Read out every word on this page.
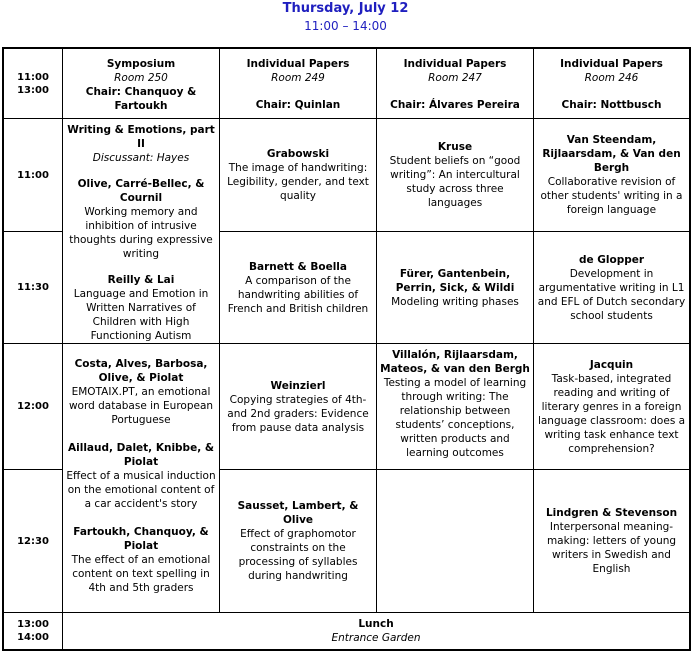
Thursday, July 12
11:00 – 14:00
11:00
13:00
11:00
11:30
12:00
12:30
13:00
14:00
Symposium
Room 250
Chair: Chanquoy & Fartoukh
Individual Papers
Room 249
Chair: Quinlan
Individual Papers
Room 247
Chair: Álvares Pereira
Individual Papers
Room 246
Chair: Nottbusch
Writing & Emotions, part II
Discussant: Hayes
Olive, Carré-Bellec, & Cournil
Working memory and inhibition of intrusive thoughts during expressive writing
Reilly & Lai
Language and Emotion in Written Narratives of Children with High Functioning Autism
Costa, Alves, Barbosa, Olive, & Piolat
EMOTAIX.PT, an emotional word database in European Portuguese
Aillaud, Dalet, Knibbe, & Piolat
Effect of a musical induction on the emotional content of a car accident's story
Fartoukh, Chanquoy, & Piolat
The effect of an emotional content on text spelling in 4th and 5th graders
Grabowski
The image of handwriting: Legibility, gender, and text quality
Barnett & Boella
A comparison of the handwriting abilities of French and British children
Weinzierl
Copying strategies of 4th- and 2nd graders: Evidence from pause data analysis
Sausset, Lambert, & Olive
Effect of graphomotor constraints on the processing of syllables during handwriting
Kruse
Student beliefs on “good writing”: An intercultural study across three languages
Fürer, Gantenbein, Perrin, Sick, & Wildi
Modeling writing phases
Villalón, Rijlaarsdam, Mateos, & van den Bergh
Testing a model of learning through writing: The relationship between students’ conceptions, written products and learning outcomes
Van Steendam, Rijlaarsdam, & Van den Bergh
Collaborative revision of other students' writing in a foreign language
de Glopper
Development in argumentative writing in L1 and EFL of Dutch secondary school students
Jacquin
Task-based, integrated reading and writing of literary genres in a foreign language classroom: does a writing task enhance text comprehension?
Lindgren & Stevenson
Interpersonal meaning-making: letters of young writers in Swedish and English
Lunch
Entrance Garden
